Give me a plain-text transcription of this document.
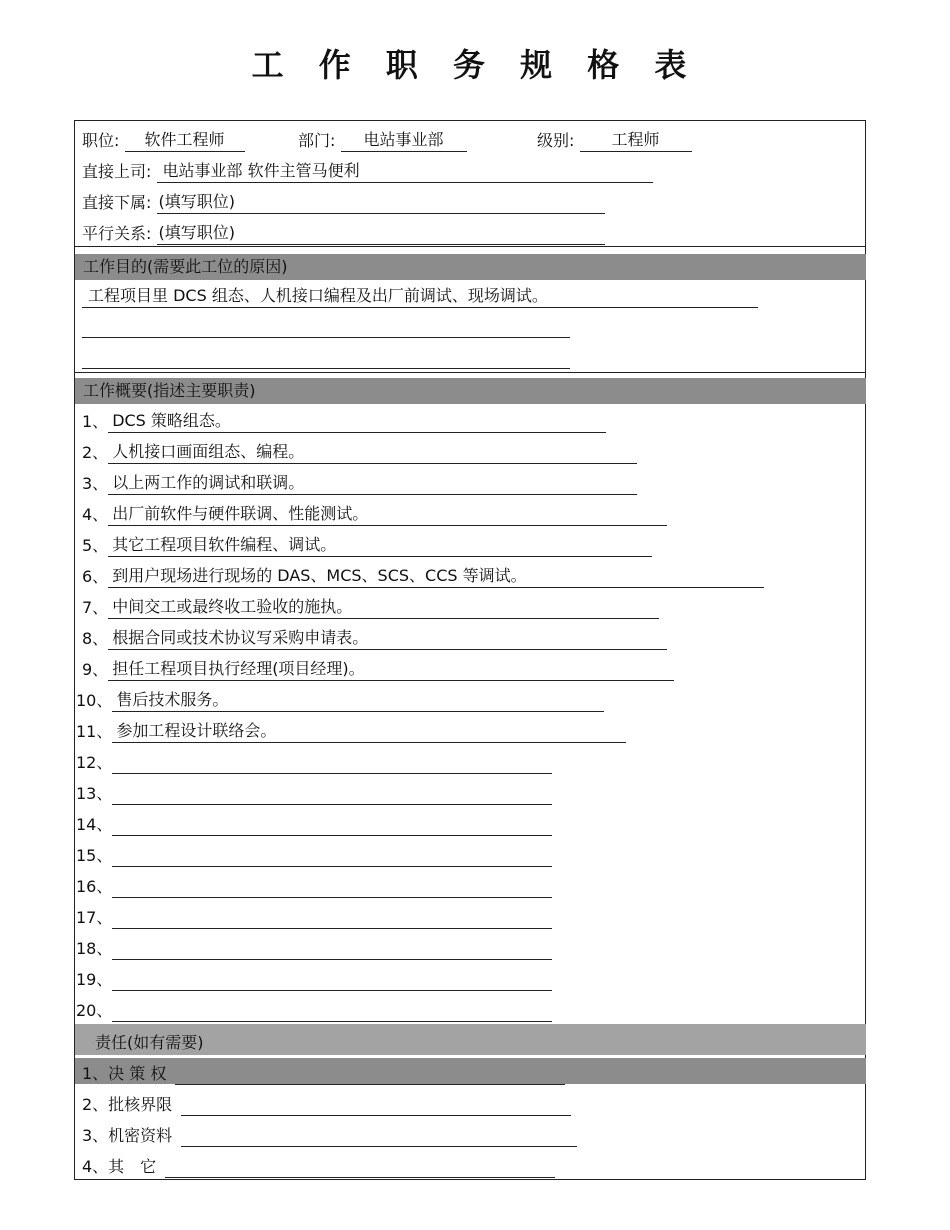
工 作 职 务 规 格 表
职位: 软件工程师	部门: 电站事业部	级别: 工程师
直接上司: 电站事业部 软件主管马便利
直接下属: (填写职位)
平行关系: (填写职位)
工作目的(需要此工位的原因)
工程项目里 DCS 组态、人机接口编程及出厂前调试、现场调试。
工作概要(指述主要职责)
1、 DCS 策略组态。
2、 人机接口画面组态、编程。
3、 以上两工作的调试和联调。
4、 出厂前软件与硬件联调、性能测试。
5、 其它工程项目软件编程、调试。
6、 到用户现场进行现场的 DAS、MCS、SCS、CCS 等调试。
7、 中间交工或最终收工验收的施执。
8、 根据合同或技术协议写采购申请表。
9、 担任工程项目执行经理(项目经理)。
10、 售后技术服务。
11、 参加工程设计联络会。
12、
13、
14、
15、
16、
17、
18、
19、
20、
责任(如有需要)
1、决 策 权
2、批核界限
3、机密资料
4、其　它
